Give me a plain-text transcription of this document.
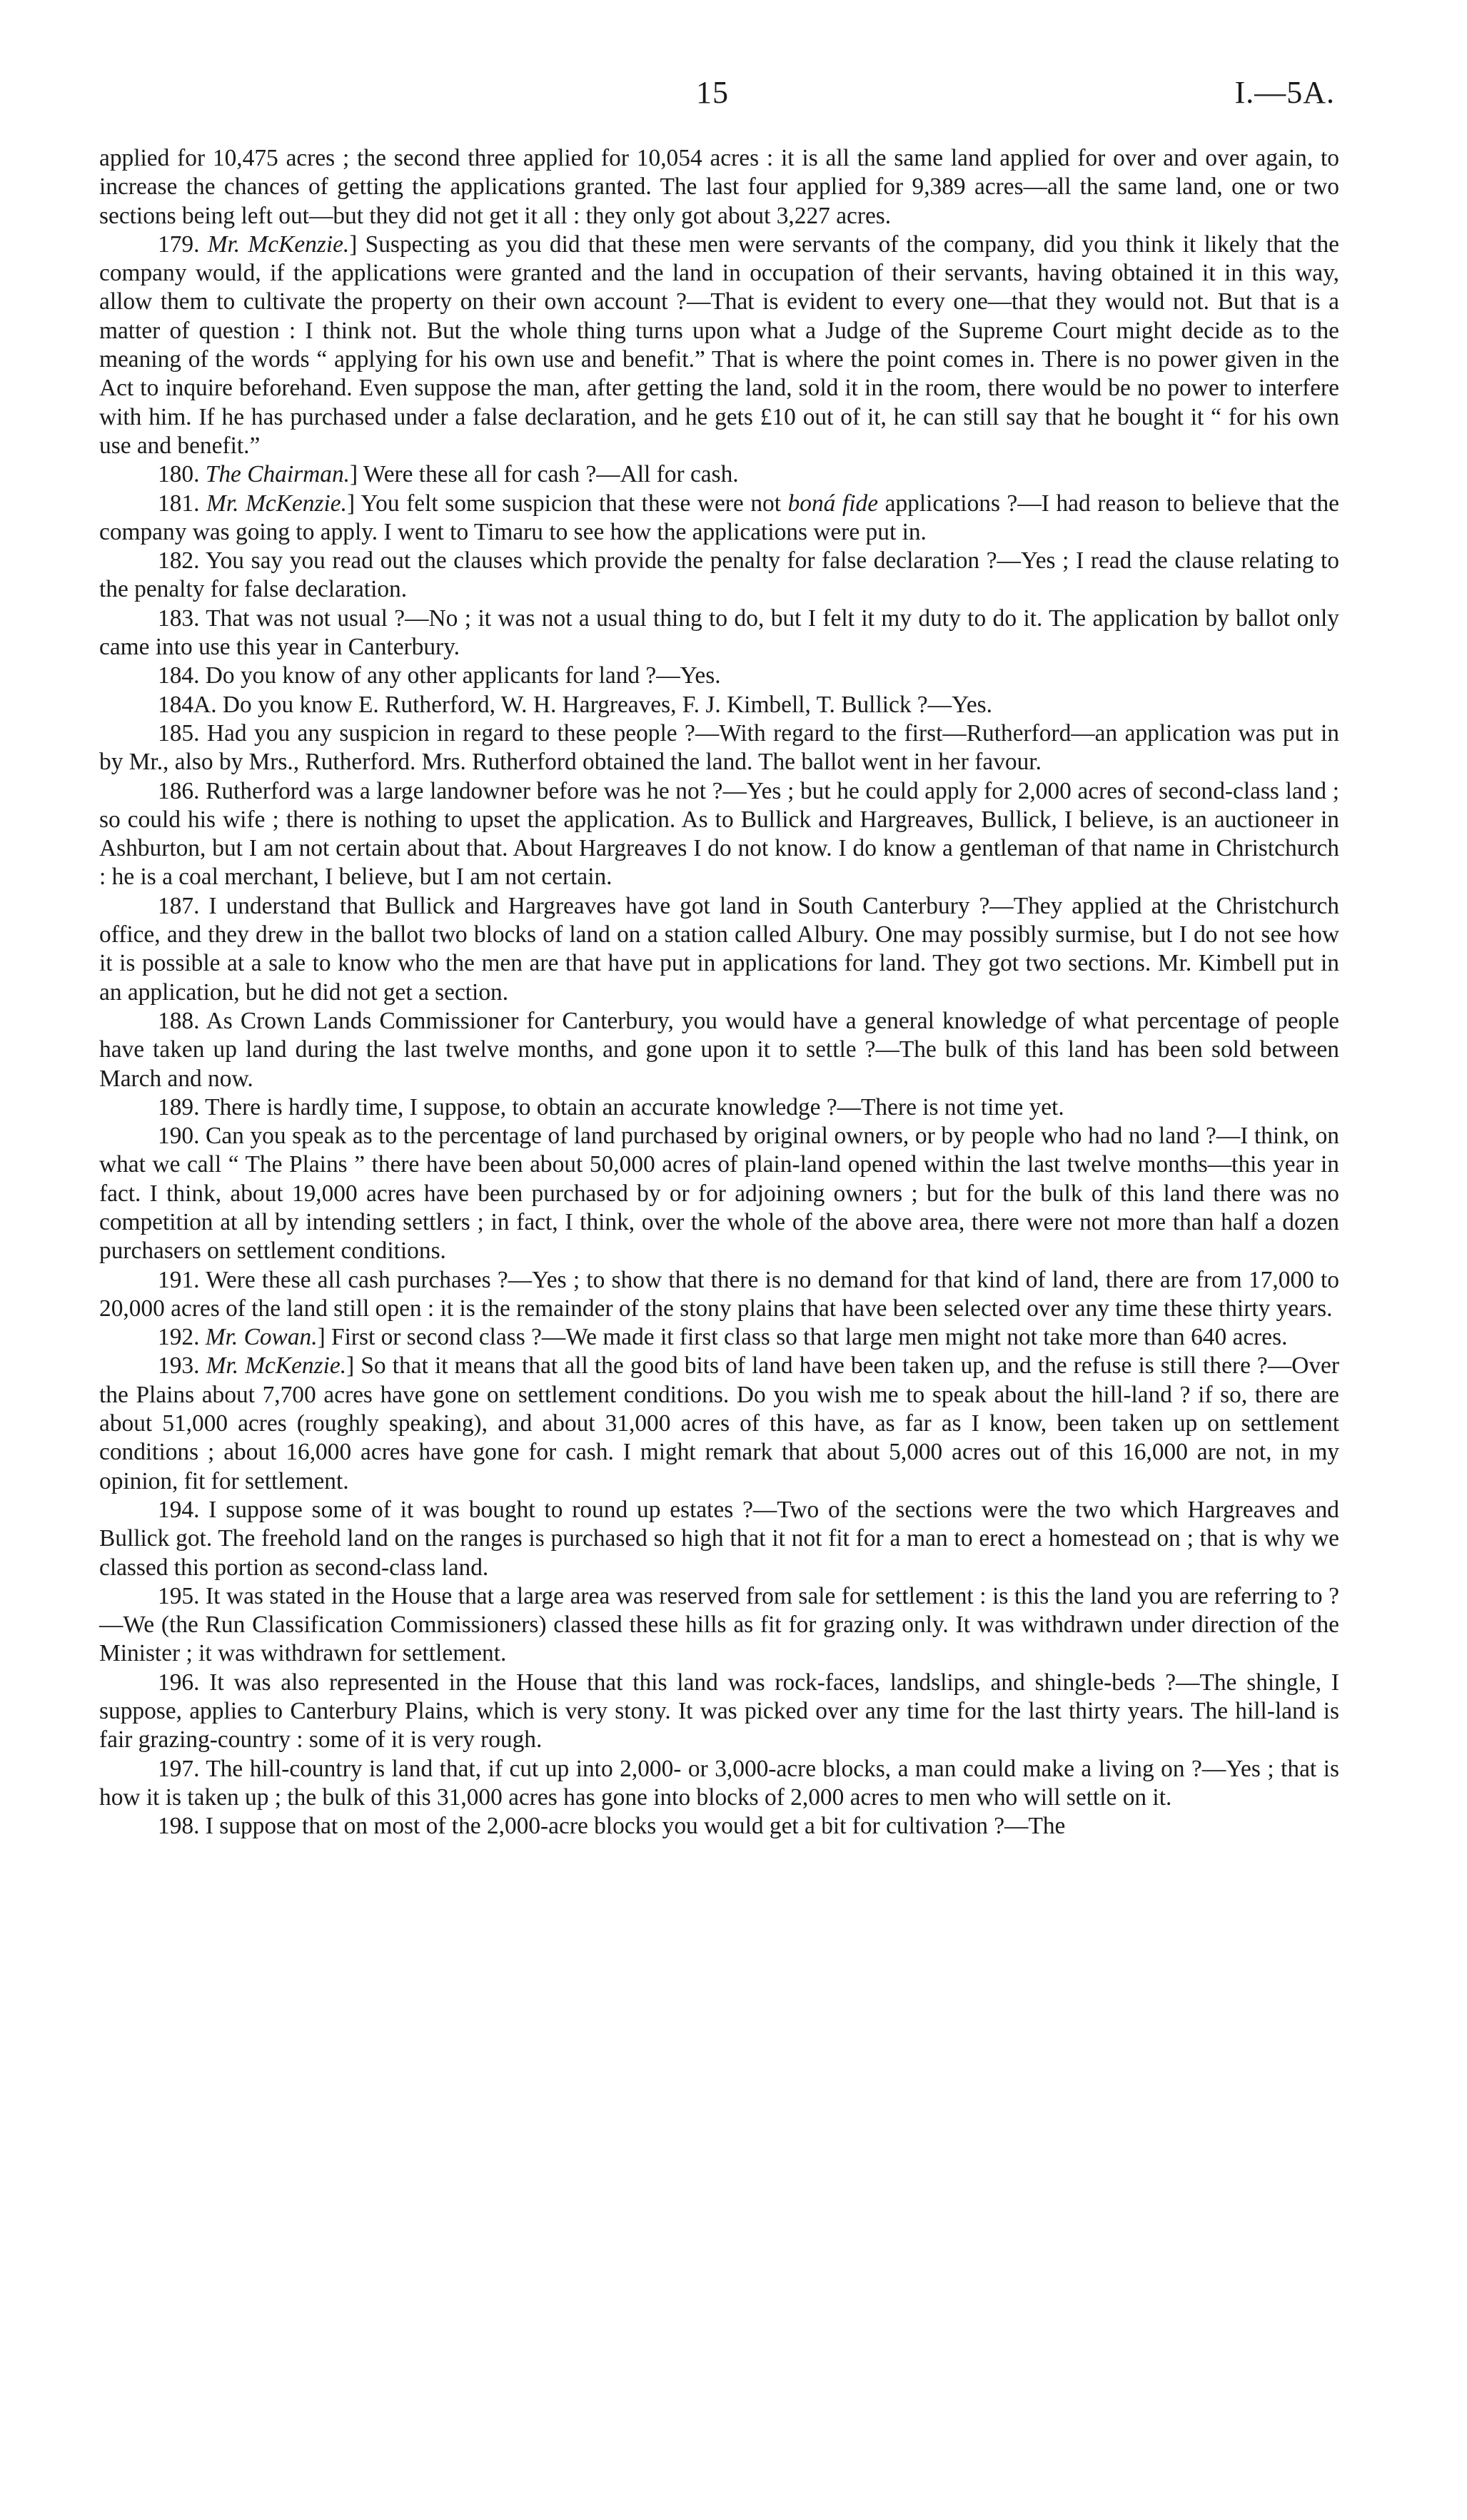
15	I.—5A.

applied for 10,475 acres ; the second three applied for 10,054 acres : it is all the same land applied for over and over again, to increase the chances of getting the applications granted. The last four applied for 9,389 acres—all the same land, one or two sections being left out—but they did not get it all : they only got about 3,227 acres.

179. Mr. McKenzie.] Suspecting as you did that these men were servants of the company, did you think it likely that the company would, if the applications were granted and the land in occupation of their servants, having obtained it in this way, allow them to cultivate the property on their own account ?—That is evident to every one—that they would not. But that is a matter of question : I think not. But the whole thing turns upon what a Judge of the Supreme Court might decide as to the meaning of the words “ applying for his own use and benefit.” That is where the point comes in. There is no power given in the Act to inquire beforehand. Even suppose the man, after getting the land, sold it in the room, there would be no power to interfere with him. If he has purchased under a false declaration, and he gets £10 out of it, he can still say that he bought it “ for his own use and benefit.”

180. The Chairman.] Were these all for cash ?—All for cash.

181. Mr. McKenzie.] You felt some suspicion that these were not boná fide applications ?—I had reason to believe that the company was going to apply. I went to Timaru to see how the applications were put in.

182. You say you read out the clauses which provide the penalty for false declaration ?—Yes ; I read the clause relating to the penalty for false declaration.

183. That was not usual ?—No ; it was not a usual thing to do, but I felt it my duty to do it. The application by ballot only came into use this year in Canterbury.

184. Do you know of any other applicants for land ?—Yes.

184A. Do you know E. Rutherford, W. H. Hargreaves, F. J. Kimbell, T. Bullick ?—Yes.

185. Had you any suspicion in regard to these people ?—With regard to the first—Rutherford—an application was put in by Mr., also by Mrs., Rutherford. Mrs. Rutherford obtained the land. The ballot went in her favour.

186. Rutherford was a large landowner before was he not ?—Yes ; but he could apply for 2,000 acres of second-class land ; so could his wife ; there is nothing to upset the application. As to Bullick and Hargreaves, Bullick, I believe, is an auctioneer in Ashburton, but I am not certain about that. About Hargreaves I do not know. I do know a gentleman of that name in Christchurch : he is a coal merchant, I believe, but I am not certain.

187. I understand that Bullick and Hargreaves have got land in South Canterbury ?—They applied at the Christchurch office, and they drew in the ballot two blocks of land on a station called Albury. One may possibly surmise, but I do not see how it is possible at a sale to know who the men are that have put in applications for land. They got two sections. Mr. Kimbell put in an application, but he did not get a section.

188. As Crown Lands Commissioner for Canterbury, you would have a general knowledge of what percentage of people have taken up land during the last twelve months, and gone upon it to settle ?—The bulk of this land has been sold between March and now.

189. There is hardly time, I suppose, to obtain an accurate knowledge ?—There is not time yet.

190. Can you speak as to the percentage of land purchased by original owners, or by people who had no land ?—I think, on what we call “ The Plains ” there have been about 50,000 acres of plain-land opened within the last twelve months—this year in fact. I think, about 19,000 acres have been purchased by or for adjoining owners ; but for the bulk of this land there was no competition at all by intending settlers ; in fact, I think, over the whole of the above area, there were not more than half a dozen purchasers on settlement conditions.

191. Were these all cash purchases ?—Yes ; to show that there is no demand for that kind of land, there are from 17,000 to 20,000 acres of the land still open : it is the remainder of the stony plains that have been selected over any time these thirty years.

192. Mr. Cowan.] First or second class ?—We made it first class so that large men might not take more than 640 acres.

193. Mr. McKenzie.] So that it means that all the good bits of land have been taken up, and the refuse is still there ?—Over the Plains about 7,700 acres have gone on settlement conditions. Do you wish me to speak about the hill-land ? if so, there are about 51,000 acres (roughly speaking), and about 31,000 acres of this have, as far as I know, been taken up on settlement conditions ; about 16,000 acres have gone for cash. I might remark that about 5,000 acres out of this 16,000 are not, in my opinion, fit for settlement.

194. I suppose some of it was bought to round up estates ?—Two of the sections were the two which Hargreaves and Bullick got. The freehold land on the ranges is purchased so high that it not fit for a man to erect a homestead on ; that is why we classed this portion as second-class land.

195. It was stated in the House that a large area was reserved from sale for settlement : is this the land you are referring to ?—We (the Run Classification Commissioners) classed these hills as fit for grazing only. It was withdrawn under direction of the Minister ; it was withdrawn for settlement.

196. It was also represented in the House that this land was rock-faces, landslips, and shingle-beds ?—The shingle, I suppose, applies to Canterbury Plains, which is very stony. It was picked over any time for the last thirty years. The hill-land is fair grazing-country : some of it is very rough.

197. The hill-country is land that, if cut up into 2,000- or 3,000-acre blocks, a man could make a living on ?—Yes ; that is how it is taken up ; the bulk of this 31,000 acres has gone into blocks of 2,000 acres to men who will settle on it.

198. I suppose that on most of the 2,000-acre blocks you would get a bit for cultivation ?—The
